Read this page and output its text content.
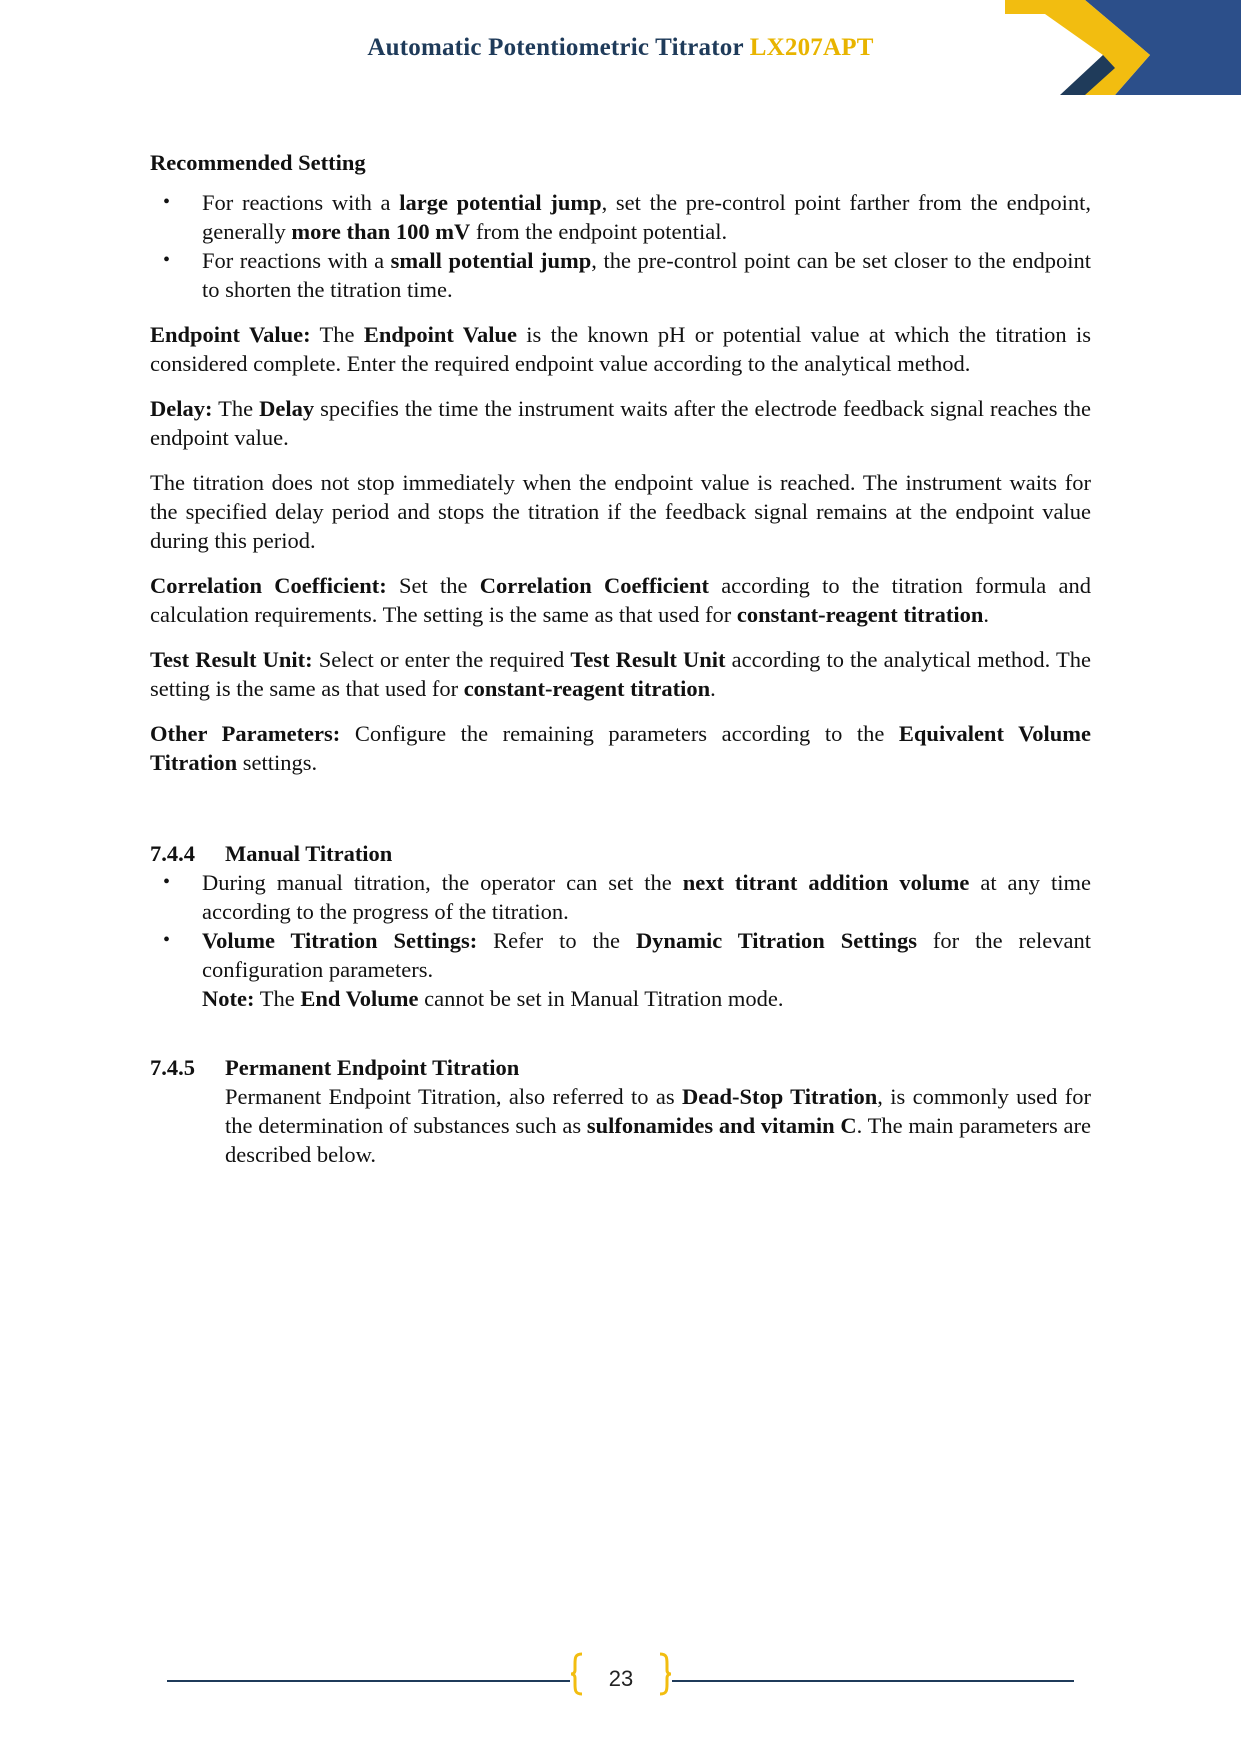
Automatic Potentiometric Titrator LX207APT
Recommended Setting
• For reactions with a large potential jump, set the pre-control point farther from the endpoint, generally more than 100 mV from the endpoint potential.
• For reactions with a small potential jump, the pre-control point can be set closer to the endpoint to shorten the titration time.

Endpoint Value: The Endpoint Value is the known pH or potential value at which the titration is considered complete. Enter the required endpoint value according to the analytical method.

Delay: The Delay specifies the time the instrument waits after the electrode feedback signal reaches the endpoint value.

The titration does not stop immediately when the endpoint value is reached. The instrument waits for the specified delay period and stops the titration if the feedback signal remains at the endpoint value during this period.

Correlation Coefficient: Set the Correlation Coefficient according to the titration formula and calculation requirements. The setting is the same as that used for constant-reagent titration.

Test Result Unit: Select or enter the required Test Result Unit according to the analytical method. The setting is the same as that used for constant-reagent titration.

Other Parameters: Configure the remaining parameters according to the Equivalent Volume Titration settings.

7.4.4 Manual Titration
• During manual titration, the operator can set the next titrant addition volume at any time according to the progress of the titration.
• Volume Titration Settings: Refer to the Dynamic Titration Settings for the relevant configuration parameters.
Note: The End Volume cannot be set in Manual Titration mode.
7.4.5 Permanent Endpoint Titration

Permanent Endpoint Titration, also referred to as Dead-Stop Titration, is commonly used for the determination of substances such as sulfonamides and vitamin C. The main parameters are described below.

23
